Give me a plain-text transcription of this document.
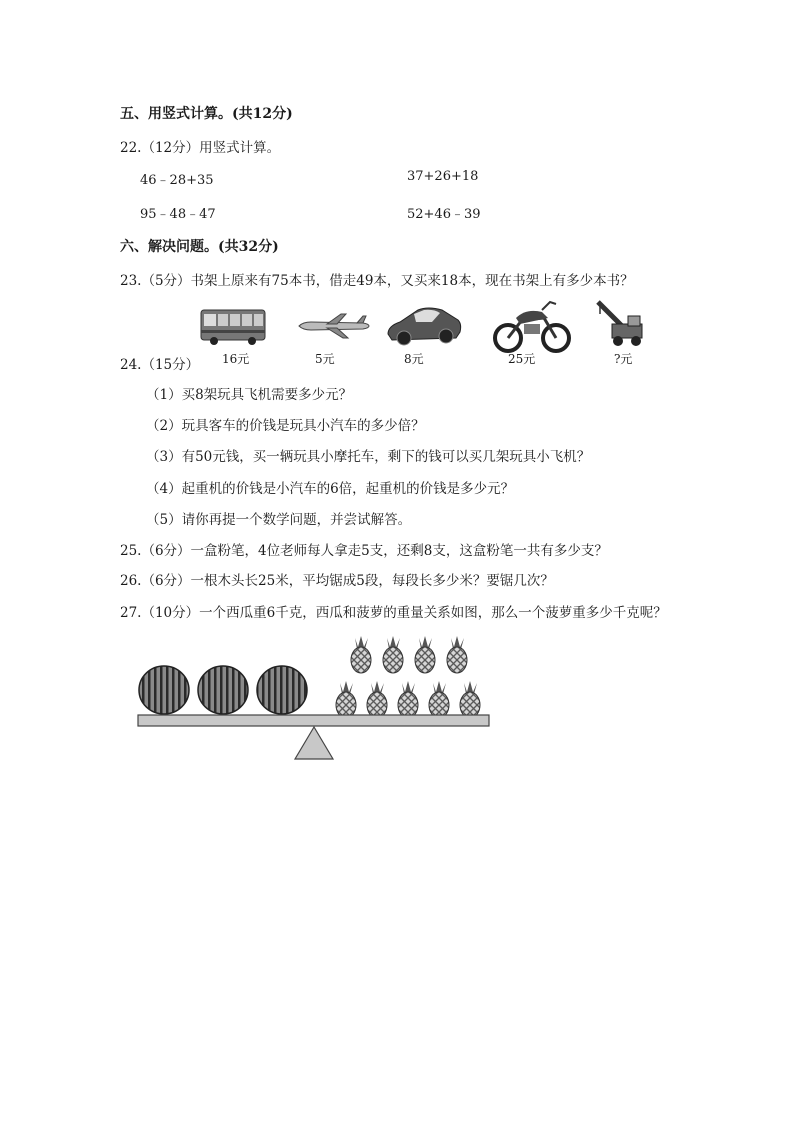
五、用竖式计算。(共12分)
22.（12分）用竖式计算。
46﹣28+35	37+26+18
95﹣48﹣47	52+46﹣39
六、解决问题。(共32分)
23.（5分）书架上原来有75本书，借走49本，又买来18本，现在书架上有多少本书？
16元	5元	8元	25元	?元
24.（15分）
（1）买8架玩具飞机需要多少元？
（2）玩具客车的价钱是玩具小汽车的多少倍？
（3）有50元钱，买一辆玩具小摩托车，剩下的钱可以买几架玩具小飞机？
（4）起重机的价钱是小汽车的6倍，起重机的价钱是多少元？
（5）请你再提一个数学问题，并尝试解答。
25.（6分）一盒粉笔，4位老师每人拿走5支，还剩8支，这盒粉笔一共有多少支？
26.（6分）一根木头长25米，平均锯成5段，每段长多少米？要锯几次？
27.（10分）一个西瓜重6千克，西瓜和菠萝的重量关系如图，那么一个菠萝重多少千克呢？
